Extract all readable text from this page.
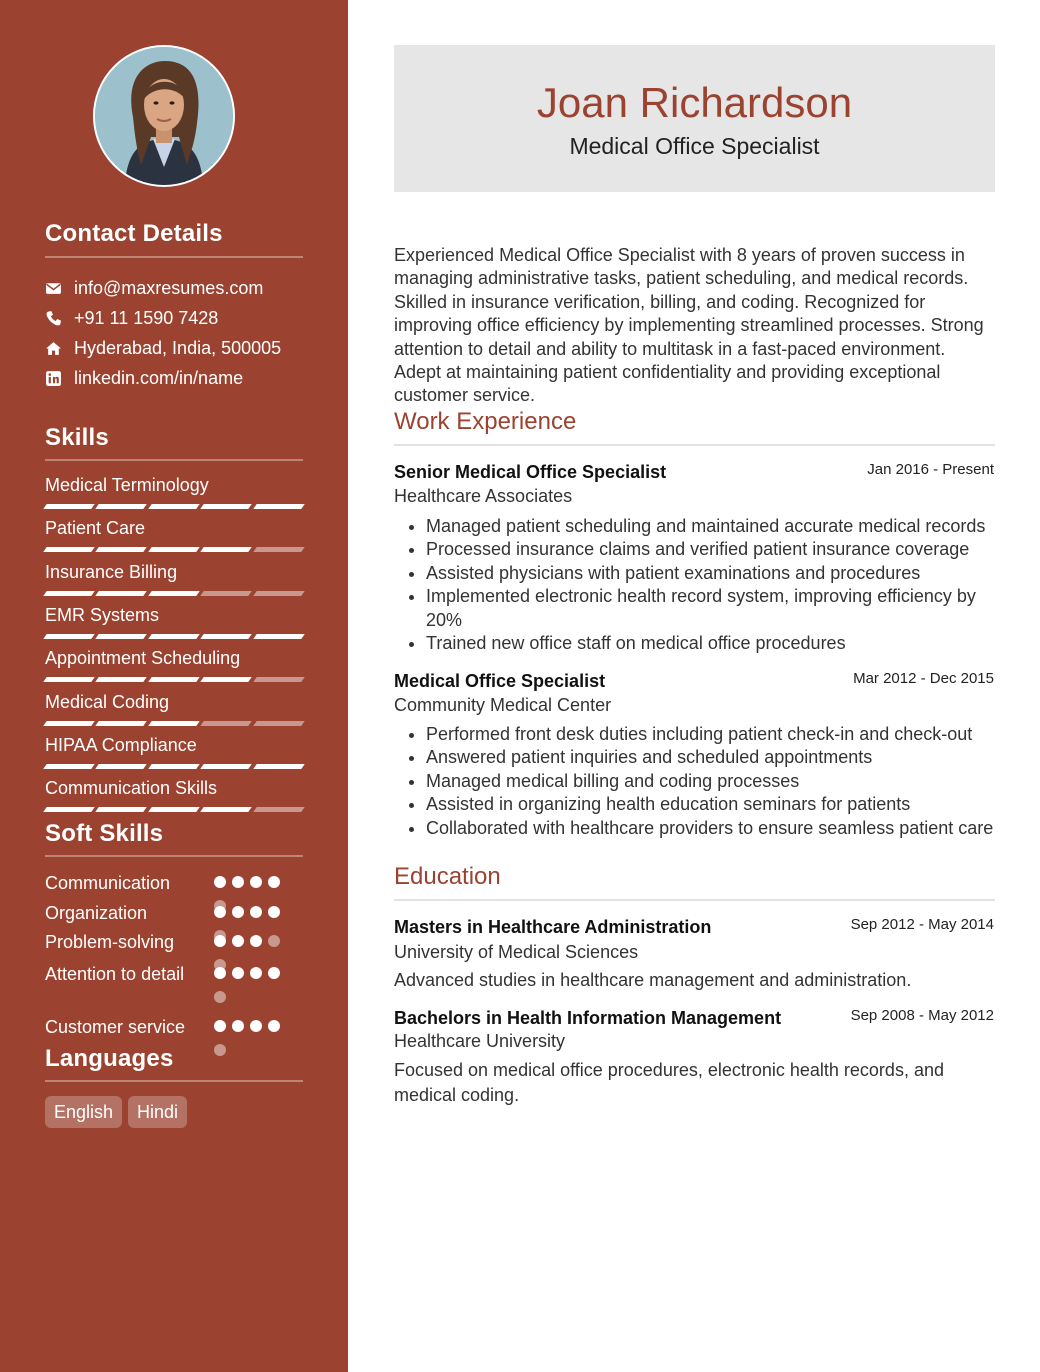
Contact Details
info@maxresumes.com
+91 11 1590 7428
Hyderabad, India, 500005
linkedin.com/in/name
Skills
Soft Skills
Languages
English	Hindi
Medical Terminology
Patient Care
Insurance Billing
EMR Systems
Appointment Scheduling
Medical Coding
HIPAA Compliance
Communication Skills
Communication
Organization
Problem-solving
Attention to detail
Customer service
Joan Richardson
Medical Office Specialist
Experienced Medical Office Specialist with 8 years of proven success in managing administrative tasks, patient scheduling, and medical records. Skilled in insurance verification, billing, and coding. Recognized for improving office efficiency by implementing streamlined processes. Strong attention to detail and ability to multitask in a fast-paced environment. Adept at maintaining patient confidentiality and providing exceptional customer service.
Work Experience
Senior Medical Office Specialist	Jan 2016 - Present
Healthcare Associates
• Managed patient scheduling and maintained accurate medical records
• Processed insurance claims and verified patient insurance coverage
• Assisted physicians with patient examinations and procedures
• Implemented electronic health record system, improving efficiency by 20%
• Trained new office staff on medical office procedures
Medical Office Specialist	Mar 2012 - Dec 2015
Community Medical Center
• Performed front desk duties including patient check-in and check-out
• Answered patient inquiries and scheduled appointments
• Managed medical billing and coding processes
• Assisted in organizing health education seminars for patients
• Collaborated with healthcare providers to ensure seamless patient care
Education
Masters in Healthcare Administration	Sep 2012 - May 2014
University of Medical Sciences
Advanced studies in healthcare management and administration.
Bachelors in Health Information Management	Sep 2008 - May 2012
Healthcare University
Focused on medical office procedures, electronic health records, and medical coding.
